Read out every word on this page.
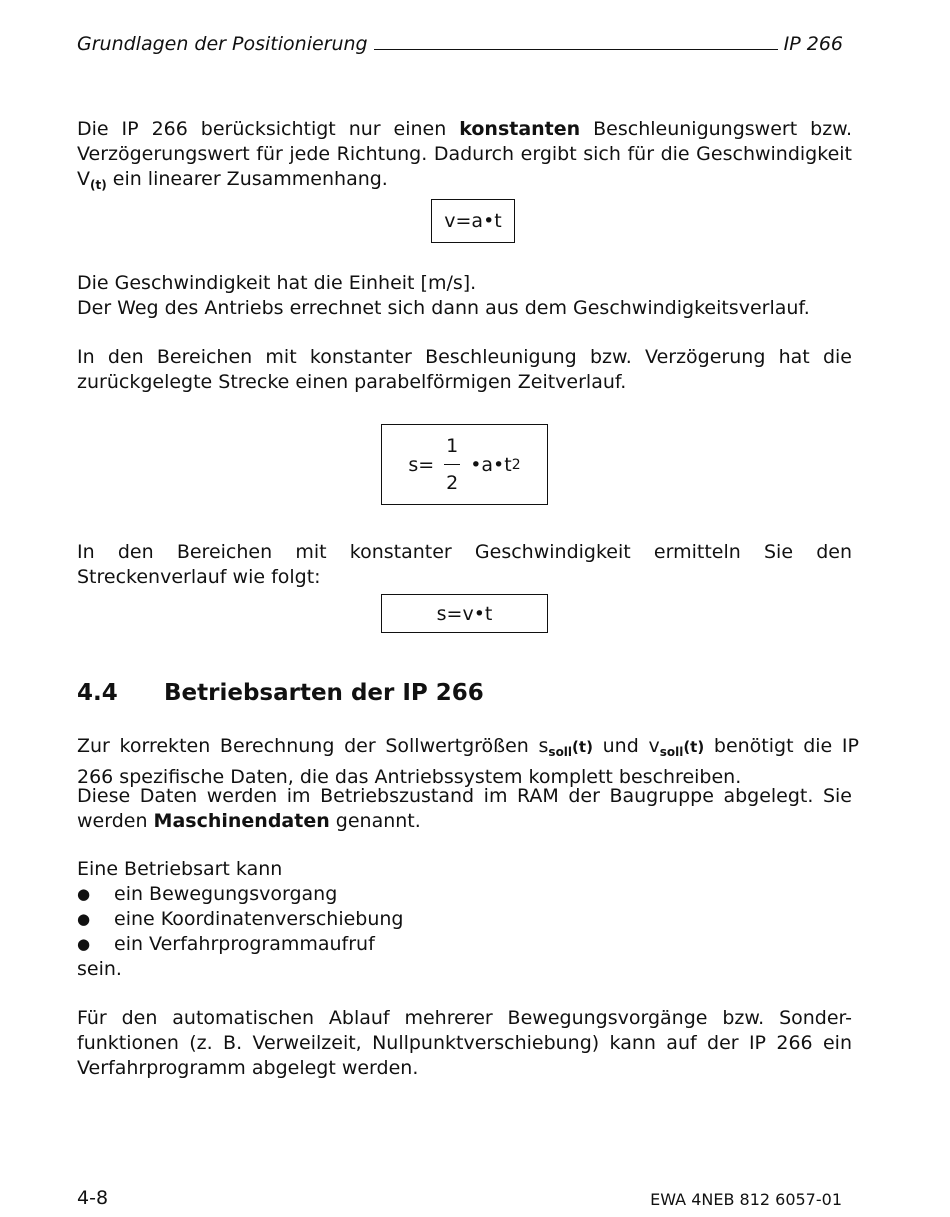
Grundlagen der Positionierung	IP 266

Die IP 266 berücksichtigt nur einen konstanten Beschleunigungswert bzw. Verzögerungswert für jede Richtung. Dadurch ergibt sich für die Geschwindigkeit $V_{(t)}$ ein linearer Zusammenhang.

v=a•t

Die Geschwindigkeit hat die Einheit [m/s].
Der Weg des Antriebs errechnet sich dann aus dem Geschwindigkeitsverlauf.

In den Bereichen mit konstanter Beschleunigung bzw. Verzögerung hat die zurückgelegte Strecke einen parabelförmigen Zeitverlauf.

$s= \frac{1}{2}$ •a•t 2

In den Bereichen mit konstanter Geschwindigkeit ermitteln Sie den Streckenverlauf wie folgt:

s=v•t
4.4	Betriebsarten der IP 266

Zur korrekten Berechnung der Sollwertgrößen $s_{soll}(t)$ und $v_{soll}(t)$ benötigt die IP 266 spezifische Daten, die das Antriebssystem komplett beschreiben.

Diese Daten werden im Betriebszustand im RAM der Baugruppe abgelegt. Sie werden Maschinendaten genannt.

Eine Betriebsart kann

●	ein Bewegungsvorgang
●	eine Koordinatenverschiebung
●	ein Verfahrprogrammaufruf

sein.

Für den automatischen Ablauf mehrerer Bewegungsvorgänge bzw. Sonder-funktionen (z. B. Verweilzeit, Nullpunktverschiebung) kann auf der IP 266 ein Verfahrprogramm abgelegt werden.

4-8	EWA 4NEB 812 6057-01
